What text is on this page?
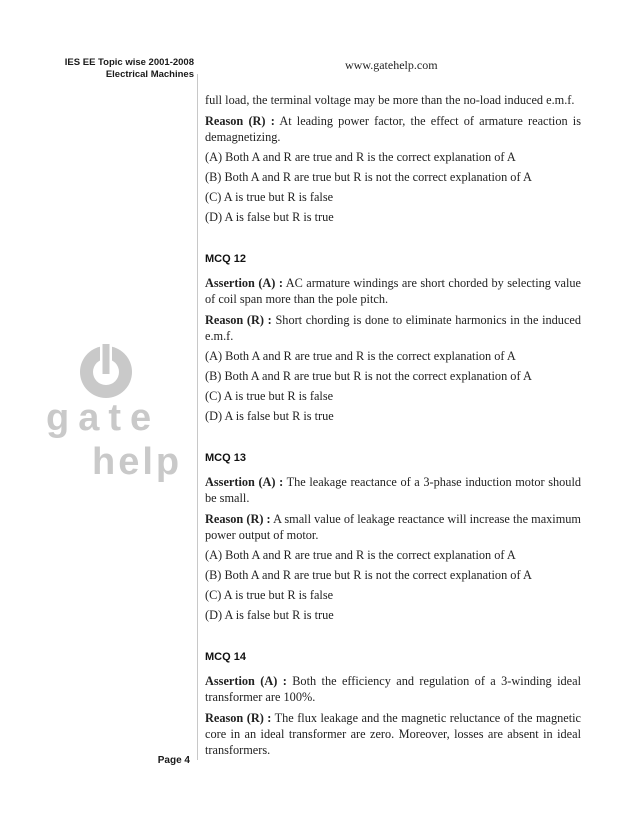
IES EE Topic wise 2001-2008
Electrical Machines
www.gatehelp.com
gate
help

full load, the terminal voltage may be more than the no-load induced e.m.f.

Reason (R) : At leading power factor, the effect of armature reaction is demagnetizing.

(A) Both A and R are true and R is the correct explanation of A

(B) Both A and R are true but R is not the correct explanation of A

(C) A is true but R is false

(D) A is false but R is true

MCQ 12

Assertion (A) : AC armature windings are short chorded by selecting value of coil span more than the pole pitch.

Reason (R) : Short chording is done to eliminate harmonics in the induced e.m.f.

(A) Both A and R are true and R is the correct explanation of A

(B) Both A and R are true but R is not the correct explanation of A

(C) A is true but R is false

(D) A is false but R is true

MCQ 13

Assertion (A) : The leakage reactance of a 3-phase induction motor should be small.

Reason (R) : A small value of leakage reactance will increase the maximum power output of motor.

(A) Both A and R are true and R is the correct explanation of A

(B) Both A and R are true but R is not the correct explanation of A

(C) A is true but R is false

(D) A is false but R is true

MCQ 14

Assertion (A) : Both the efficiency and regulation of a 3-winding ideal transformer are 100%.

Reason (R) : The flux leakage and the magnetic reluctance of the magnetic core in an ideal transformer are zero. Moreover, losses are absent in ideal transformers.

Page 4
